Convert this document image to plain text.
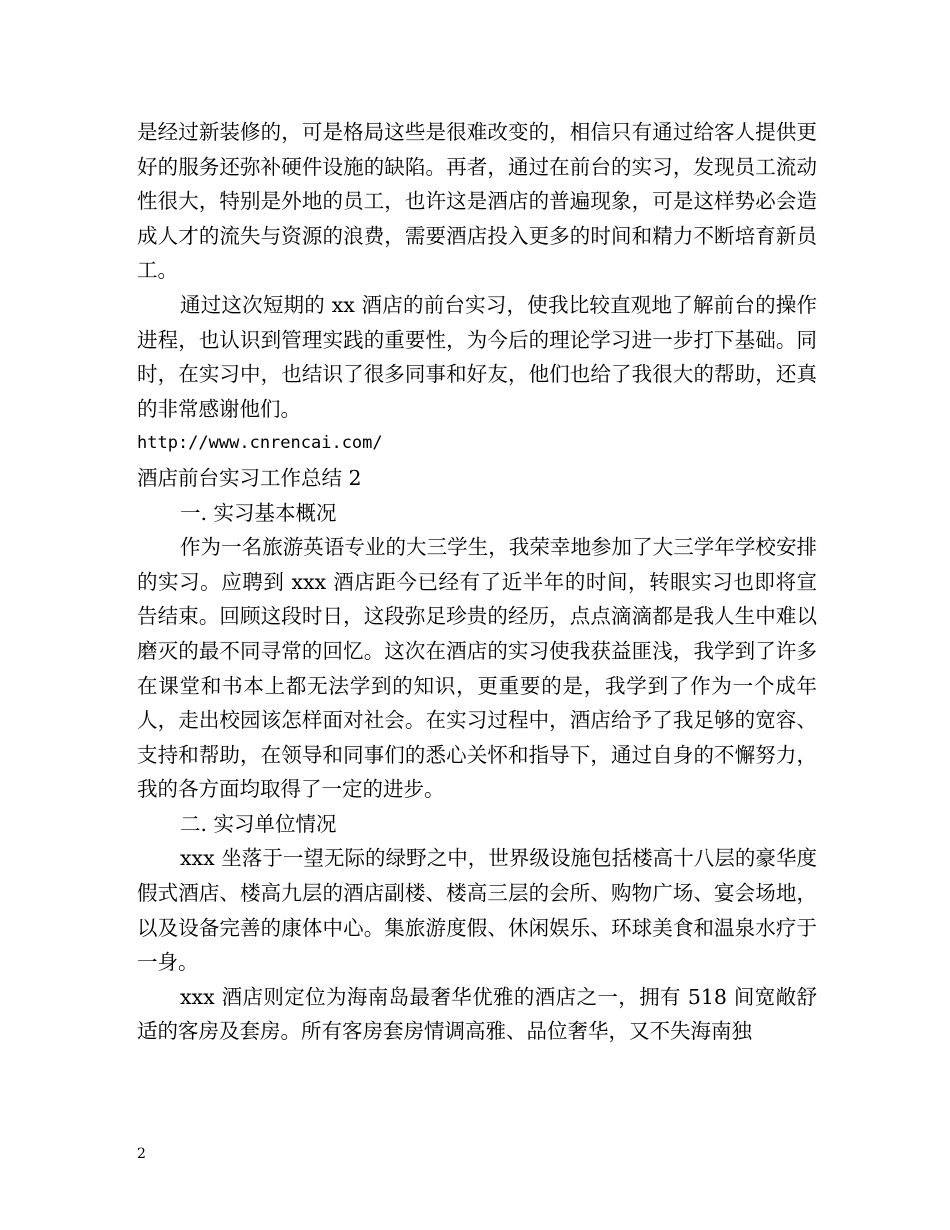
是经过新装修的，可是格局这些是很难改变的，相信只有通过给客人提供更好的服务还弥补硬件设施的缺陷。再者，通过在前台的实习，发现员工流动性很大，特别是外地的员工，也许这是酒店的普遍现象，可是这样势必会造成人才的流失与资源的浪费，需要酒店投入更多的时间和精力不断培育新员工。

通过这次短期的 xx 酒店的前台实习，使我比较直观地了解前台的操作进程，也认识到管理实践的重要性，为今后的理论学习进一步打下基础。同时，在实习中，也结识了很多同事和好友，他们也给了我很大的帮助，还真的非常感谢他们。

http://www.cnrencai.com/

酒店前台实习工作总结 2

一. 实习基本概况

作为一名旅游英语专业的大三学生，我荣幸地参加了大三学年学校安排的实习。应聘到 xxx 酒店距今已经有了近半年的时间，转眼实习也即将宣告结束。回顾这段时日，这段弥足珍贵的经历，点点滴滴都是我人生中难以磨灭的最不同寻常的回忆。这次在酒店的实习使我获益匪浅，我学到了许多在课堂和书本上都无法学到的知识，更重要的是，我学到了作为一个成年人，走出校园该怎样面对社会。在实习过程中，酒店给予了我足够的宽容、支持和帮助，在领导和同事们的悉心关怀和指导下，通过自身的不懈努力，我的各方面均取得了一定的进步。

二. 实习单位情况

xxx 坐落于一望无际的绿野之中，世界级设施包括楼高十八层的豪华度假式酒店、楼高九层的酒店副楼、楼高三层的会所、购物广场、宴会场地，以及设备完善的康体中心。集旅游度假、休闲娱乐、环球美食和温泉水疗于一身。

xxx 酒店则定位为海南岛最奢华优雅的酒店之一，拥有 518 间宽敞舒适的客房及套房。所有客房套房情调高雅、品位奢华，又不失海南独

2
